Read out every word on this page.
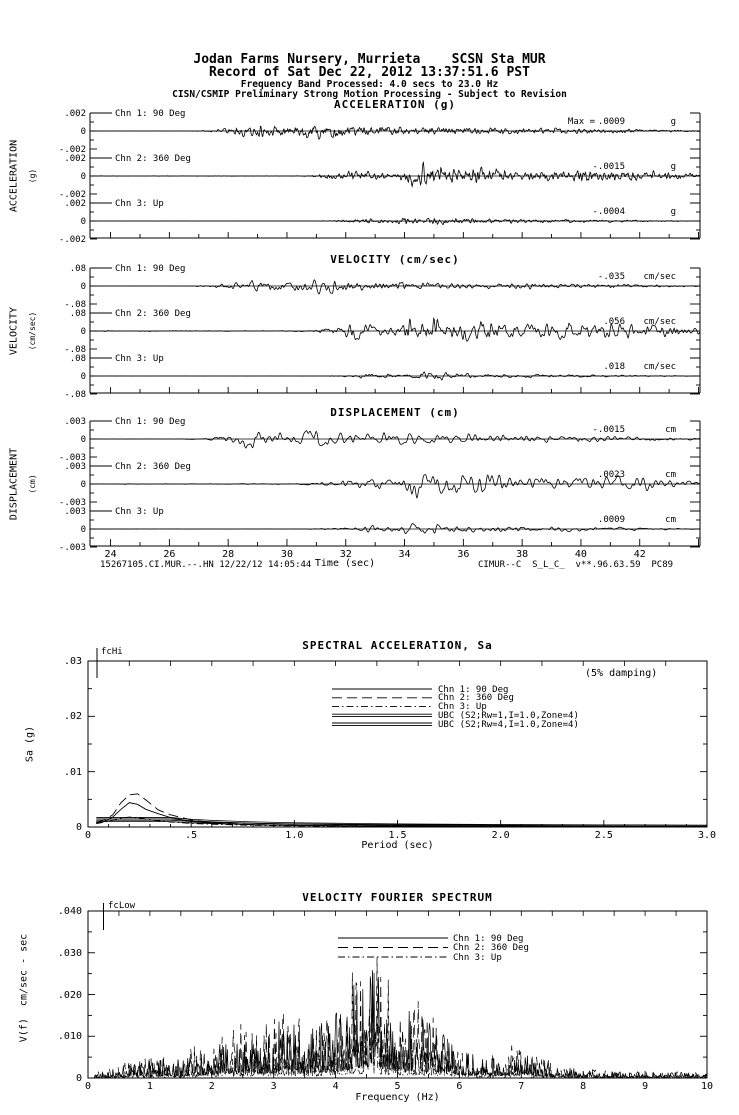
Jodan Farms Nursery, Murrieta    SCSN Sta MUR
Record of Sat Dec 22, 2012 13:37:51.6 PST
Frequency Band Processed: 4.0 secs to 23.0 Hz
CISN/CSMIP Preliminary Strong Motion Processing - Subject to Revision
ACCELERATION (g)
VELOCITY (cm/sec)
DISPLACEMENT (cm)
ACCELERATION (g)
VELOCITY (cm/sec)
DISPLACEMENT (cm)
Time (sec)
15267105.CI.MUR.--.HN 12/22/12 14:05:44	CIMUR--C  S_L_C_  v**.96.63.59  PC89
SPECTRAL ACCELERATION, Sa
(5% damping)
fcHi
Sa (g)
Period (sec)
VELOCITY FOURIER SPECTRUM
fcLow
V(f)  cm/sec - sec
Frequency (Hz)
.002
0
-.002
Chn 1: 90 Deg
Max = .0009	g
.002
0
-.002
Chn 2: 360 Deg
-.0015	g
.002
0
-.002
Chn 3: Up
-.0004	g
.08
0
-.08
Chn 1: 90 Deg
-.035	cm/sec
.08
0
-.08
Chn 2: 360 Deg
.056	cm/sec
.08
0
-.08
Chn 3: Up
.018	cm/sec
24	26	28	30	32	34	36	38	40	42
.003
0
-.003
Chn 1: 90 Deg
-.0015	cm
.003
0
-.003
Chn 2: 360 Deg
.0023	cm
.003
0
-.003
Chn 3: Up
.0009	cm
.03
.02
.01
0
0	.5	1.0	1.5	2.0	2.5	3.0
Chn 1: 90 Deg
Chn 2: 360 Deg
Chn 3: Up
UBC (S2;Rw=1,I=1.0,Zone=4)
UBC (S2;Rw=4,I=1.0,Zone=4)
.040
.030
.020
.010
0
0	1	2	3	4	5	6	7	8	9	10
Chn 1: 90 Deg
Chn 2: 360 Deg
Chn 3: Up
